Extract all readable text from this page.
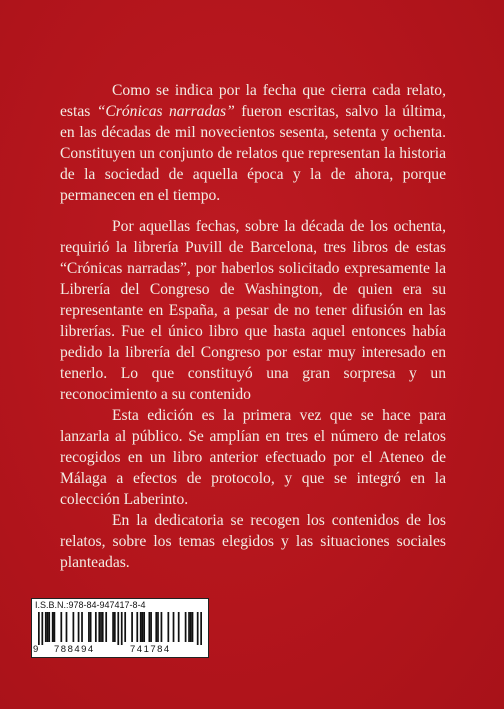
Como se indica por la fecha que cierra cada relato, estas “Crónicas narradas” fueron escritas, salvo la última, en las décadas de mil novecientos sesenta, setenta y ochenta. Constituyen un conjunto de relatos que representan la historia de la sociedad de aquella época y la de ahora, porque permanecen en el tiempo.

Por aquellas fechas, sobre la década de los ochenta, requirió la librería Puvill de Barcelona, tres libros de estas “Crónicas narradas”, por haberlos solicitado expresamente la Librería del Congreso de Washington, de quien era su representante en España, a pesar de no tener difusión en las librerías. Fue el único libro que hasta aquel entonces había pedido la librería del Congreso por estar muy interesado en tenerlo. Lo que constituyó una gran sorpresa y un reconocimiento a su contenido

Esta edición es la primera vez que se hace para lanzarla al público. Se amplían en tres el número de relatos recogidos en un libro anterior efectuado por el Ateneo de Málaga a efectos de protocolo, y que se integró en la colección Laberinto.

En la dedicatoria se recogen los contenidos de los relatos, sobre los temas elegidos y las situaciones sociales planteadas.

I.S.B.N.:978-84-947417-8-4
9 788494	741784
